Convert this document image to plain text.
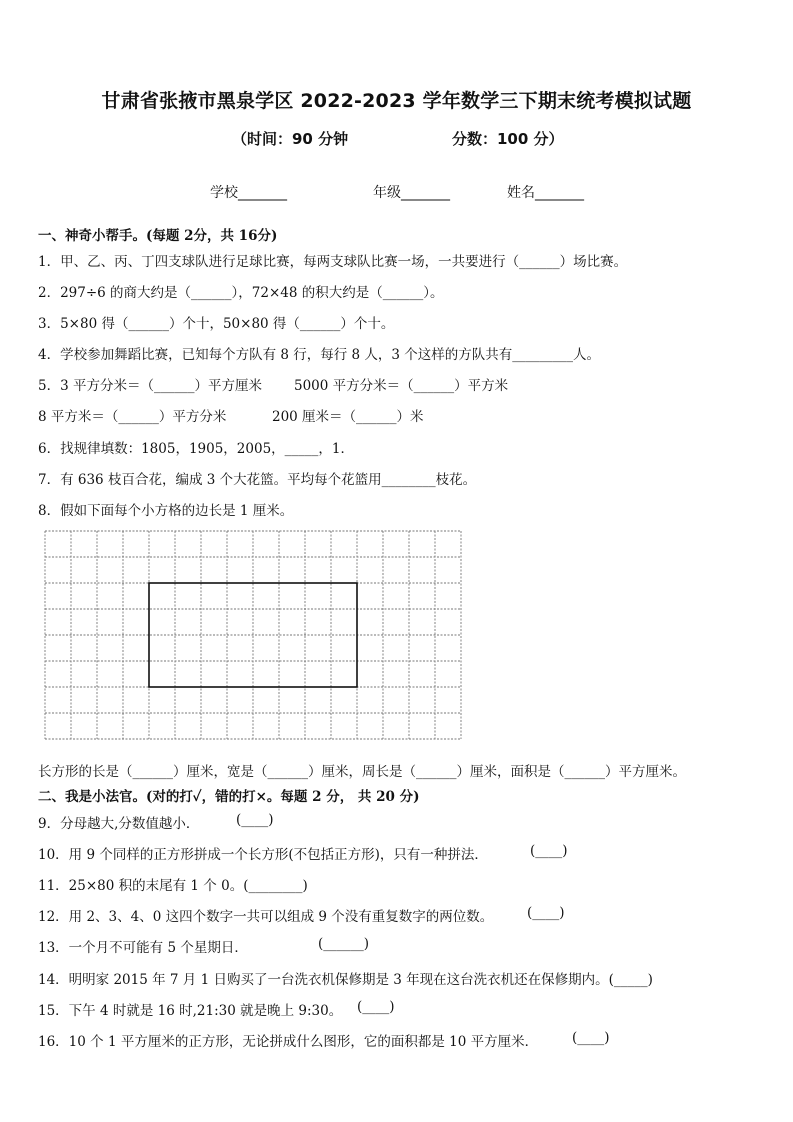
甘肃省张掖市黑泉学区 2022-2023 学年数学三下期末统考模拟试题
（时间：90 分钟	分数：100 分）
学校_______	年级_______	姓名_______
一、神奇小帮手。(每题 2分，共 16分)
1．甲、乙、丙、丁四支球队进行足球比赛，每两支球队比赛一场，一共要进行（______）场比赛。
2．297÷6 的商大约是（______），72×48 的积大约是（______）。
3．5×80 得（______）个十，50×80 得（______）个十。
4．学校参加舞蹈比赛，已知每个方队有 8 行，每行 8 人，3 个这样的方队共有_________人。
5．3 平方分米＝（______）平方厘米 5000 平方分米＝（______）平方米
8 平方米＝（______）平方分米	200 厘米＝（______）米
6．找规律填数：1805，1905，2005，_____，1．
7．有 636 枝百合花，编成 3 个大花篮。平均每个花篮用________枝花。
8．假如下面每个小方格的边长是 1 厘米。
长方形的长是（______）厘米，宽是（______）厘米，周长是（______）厘米，面积是（______）平方厘米。
二、我是小法官。(对的打✓，错的打×。每题 2 分， 共 20 分)
9．分母越大,分数值越小．	(____)
10．用 9 个同样的正方形拼成一个长方形(不包括正方形)，只有一种拼法．	(____)
11．25×80 积的末尾有 1 个 0。(________)
12．用 2、3、4、0 这四个数字一共可以组成 9 个没有重复数字的两位数。 (____)
13．一个月不可能有 5 个星期日．	(______)
14．明明家 2015 年 7 月 1 日购买了一台洗衣机保修期是 3 年现在这台洗衣机还在保修期内。(_____)
15．下午 4 时就是 16 时,21:30 就是晚上 9:30。 (____)
16．10 个 1 平方厘米的正方形，无论拼成什么图形，它的面积都是 10 平方厘米．	(____)
